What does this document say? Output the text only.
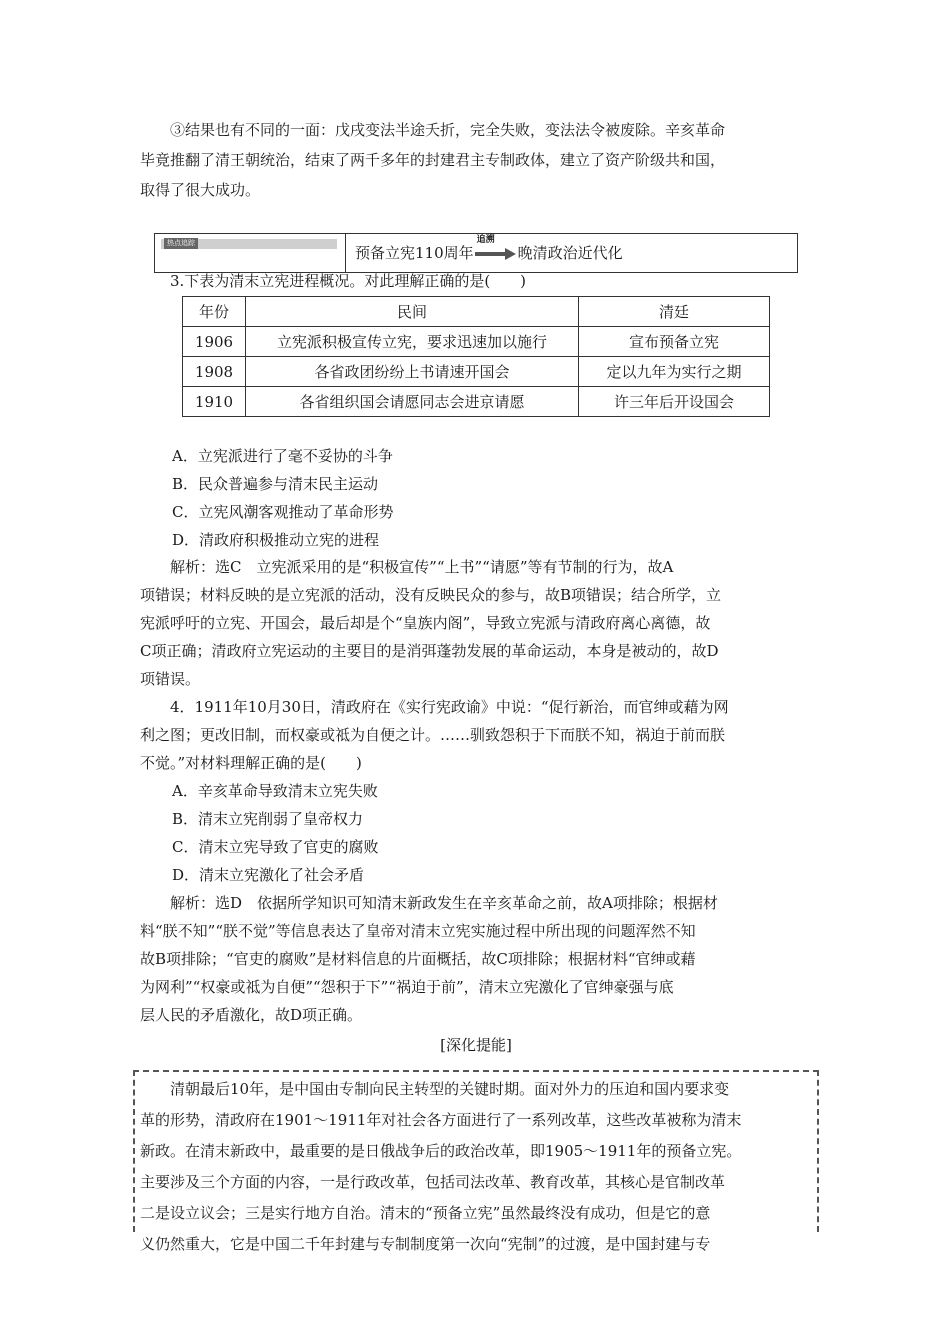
③结果也有不同的一面：戊戌变法半途夭折，完全失败，变法法令被废除。辛亥革命
毕竟推翻了清王朝统治，结束了两千多年的封建君主专制政体，建立了资产阶级共和国，
取得了很大成功。
热点追踪
预备立宪110周年
追溯
晚清政治近代化
3.下表为清末立宪进程概况。对此理解正确的是(　　)
年份	民间	清廷
1906	立宪派积极宣传立宪，要求迅速加以施行	宣布预备立宪
1908	各省政团纷纷上书请速开国会	定以九年为实行之期
1910	各省组织国会请愿同志会进京请愿	许三年后开设国会
A．立宪派进行了毫不妥协的斗争
B．民众普遍参与清末民主运动
C．立宪风潮客观推动了革命形势
D．清政府积极推动立宪的进程
解析：选C　立宪派采用的是“积极宣传”“上书”“请愿”等有节制的行为，故A
项错误；材料反映的是立宪派的活动，没有反映民众的参与，故B项错误；结合所学，立
宪派呼吁的立宪、开国会，最后却是个“皇族内阁”，导致立宪派与清政府离心离德，故
C项正确；清政府立宪运动的主要目的是消弭蓬勃发展的革命运动，本身是被动的，故D
项错误。
4．1911年10月30日，清政府在《实行宪政谕》中说：“促行新治，而官绅或藉为网
利之图；更改旧制，而权豪或祗为自便之计。……驯致怨积于下而朕不知，祸迫于前而朕
不觉。”对材料理解正确的是(　　)
A．辛亥革命导致清末立宪失败
B．清末立宪削弱了皇帝权力
C．清末立宪导致了官吏的腐败
D．清末立宪激化了社会矛盾
解析：选D　依据所学知识可知清末新政发生在辛亥革命之前，故A项排除；根据材
料“朕不知”“朕不觉”等信息表达了皇帝对清末立宪实施过程中所出现的问题浑然不知
故B项排除；“官吏的腐败”是材料信息的片面概括，故C项排除；根据材料“官绅或藉
为网利”“权豪或祗为自便”“怨积于下”“祸迫于前”，清末立宪激化了官绅豪强与底
层人民的矛盾激化，故D项正确。
[深化提能]
清朝最后10年，是中国由专制向民主转型的关键时期。面对外力的压迫和国内要求变
革的形势，清政府在1901～1911年对社会各方面进行了一系列改革，这些改革被称为清末
新政。在清末新政中，最重要的是日俄战争后的政治改革，即1905～1911年的预备立宪。
主要涉及三个方面的内容，一是行政改革，包括司法改革、教育改革，其核心是官制改革
二是设立议会；三是实行地方自治。清末的“预备立宪”虽然最终没有成功，但是它的意
义仍然重大，它是中国二千年封建与专制制度第一次向“宪制”的过渡，是中国封建与专
